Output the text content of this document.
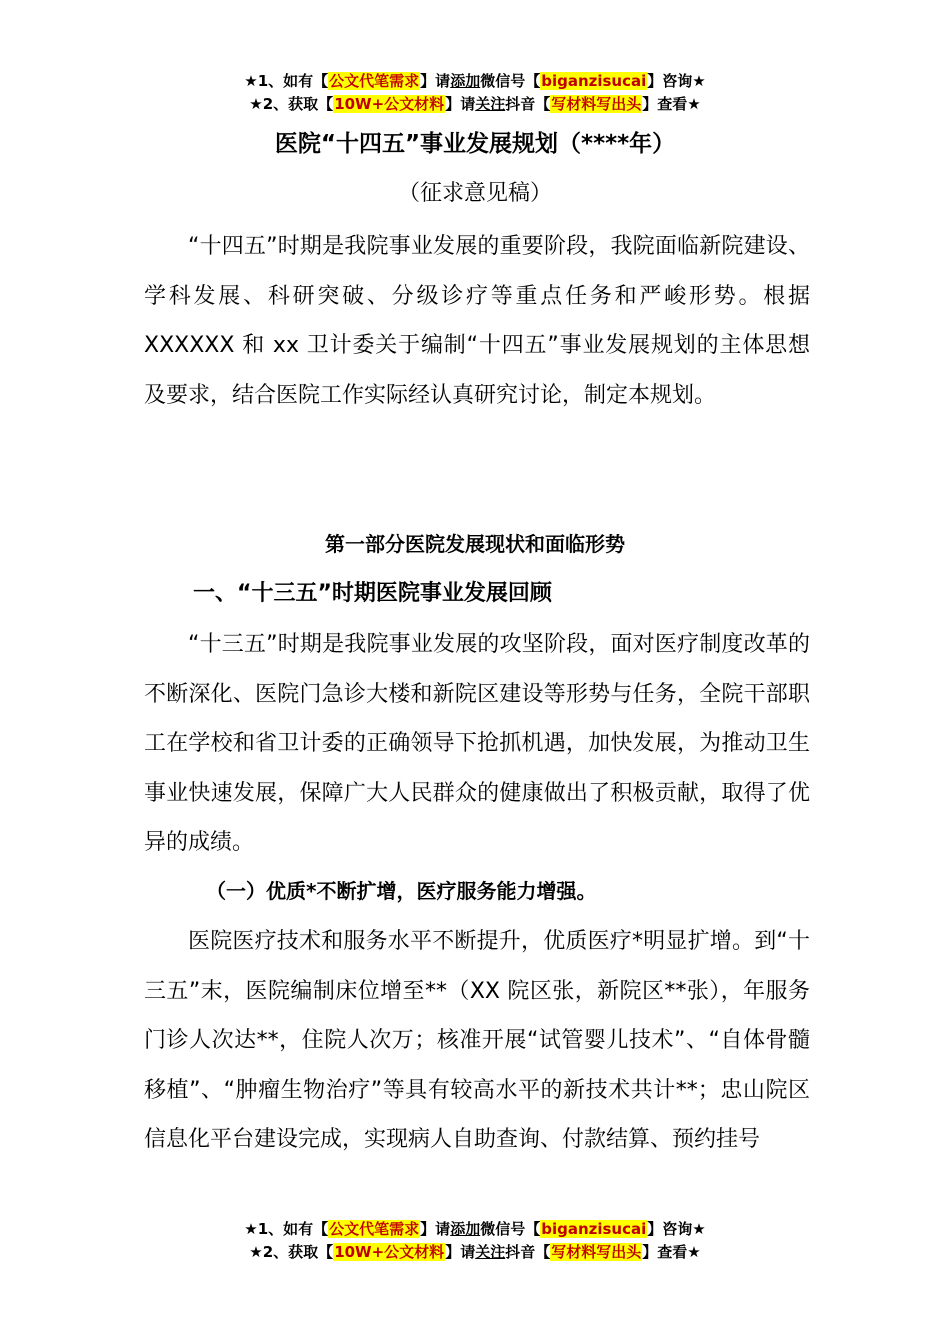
★1、如有【公文代笔需求】请添加微信号【biganzisucai】咨询★
★2、获取【10W+公文材料】请关注抖音【写材料写出头】查看★
医院“十四五”事业发展规划（****年）
（征求意见稿）

“十四五”时期是我院事业发展的重要阶段，我院面临新院建设、学科发展、科研突破、分级诊疗等重点任务和严峻形势。根据 XXXXXX 和 xx 卫计委关于编制“十四五”事业发展规划的主体思想及要求，结合医院工作实际经认真研究讨论，制定本规划。

第一部分医院发展现状和面临形势
一、“十三五”时期医院事业发展回顾

“十三五”时期是我院事业发展的攻坚阶段，面对医疗制度改革的不断深化、医院门急诊大楼和新院区建设等形势与任务，全院干部职工在学校和省卫计委的正确领导下抢抓机遇，加快发展，为推动卫生事业快速发展，保障广大人民群众的健康做出了积极贡献，取得了优异的成绩。

（一）优质*不断扩增，医疗服务能力增强。

医院医疗技术和服务水平不断提升，优质医疗*明显扩增。到“十三五”末，医院编制床位增至**（XX 院区张，新院区**张），年服务门诊人次达**，住院人次万；核准开展“试管婴儿技术”、“自体骨髓移植”、“肿瘤生物治疗”等具有较高水平的新技术共计**；忠山院区信息化平台建设完成，实现病人自助查询、付款结算、预约挂号

★1、如有【公文代笔需求】请添加微信号【biganzisucai】咨询★
★2、获取【10W+公文材料】请关注抖音【写材料写出头】查看★
